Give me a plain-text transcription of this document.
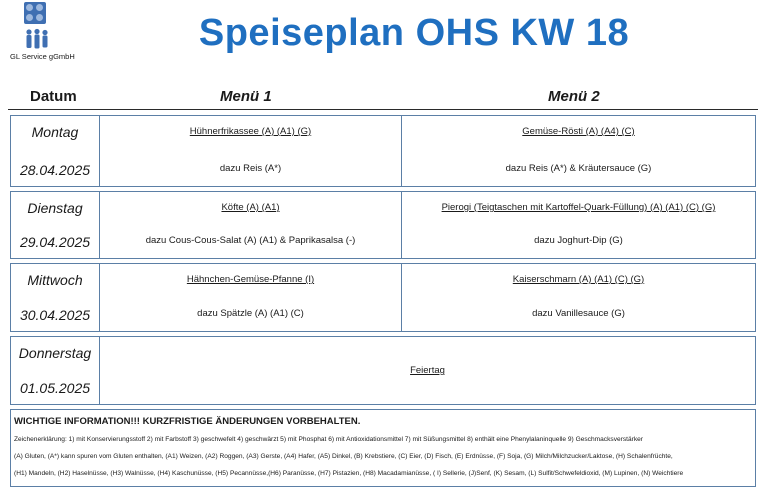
GL Service gGmbH
Speiseplan OHS KW 18
Datum	Menü 1	Menü 2
Montag
28.04.2025
Hühnerfrikassee (A) (A1) (G)
dazu Reis (A*)
Gemüse-Rösti (A) (A4) (C)
dazu Reis (A*) & Kräutersauce (G)
Dienstag
29.04.2025
Köfte (A) (A1)
dazu Cous-Cous-Salat (A) (A1) & Paprikasalsa (-)
Pierogi (Teigtaschen mit Kartoffel-Quark-Füllung) (A) (A1) (C) (G)
dazu Joghurt-Dip (G)
Mittwoch
30.04.2025
Hähnchen-Gemüse-Pfanne (I)
dazu Spätzle (A) (A1) (C)
Kaiserschmarn (A) (A1) (C) (G)
dazu Vanillesauce (G)
Donnerstag
01.05.2025
Feiertag
WICHTIGE INFORMATION!!! KURZFRISTIGE ÄNDERUNGEN VORBEHALTEN.
Zeichenerklärung: 1) mit Konservierungsstoff 2) mit Farbstoff 3) geschwefelt 4) geschwärzt 5) mit Phosphat 6) mit Antioxidationsmittel 7) mit Süßungsmittel 8) enthält eine Phenylalaninquelle 9) Geschmacksverstärker
(A) Gluten, (A*) kann spuren vom Gluten enthalten, (A1) Weizen, (A2) Roggen, (A3) Gerste, (A4) Hafer, (A5) Dinkel, (B) Krebstiere, (C) Eier, (D) Fisch, (E) Erdnüsse, (F) Soja, (G) Milch/Milchzucker/Laktose, (H) Schalenfrüchte,
(H1) Mandeln, (H2) Haselnüsse, (H3) Walnüsse, (H4) Kaschunüsse, (H5) Pecannüsse,(H6) Paranüsse, (H7) Pistazien, (H8) Macadamianüsse, ( I) Sellerie, (J)Senf, (K) Sesam, (L) Sulfit/Schwefeldioxid, (M) Lupinen, (N) Weichtiere
